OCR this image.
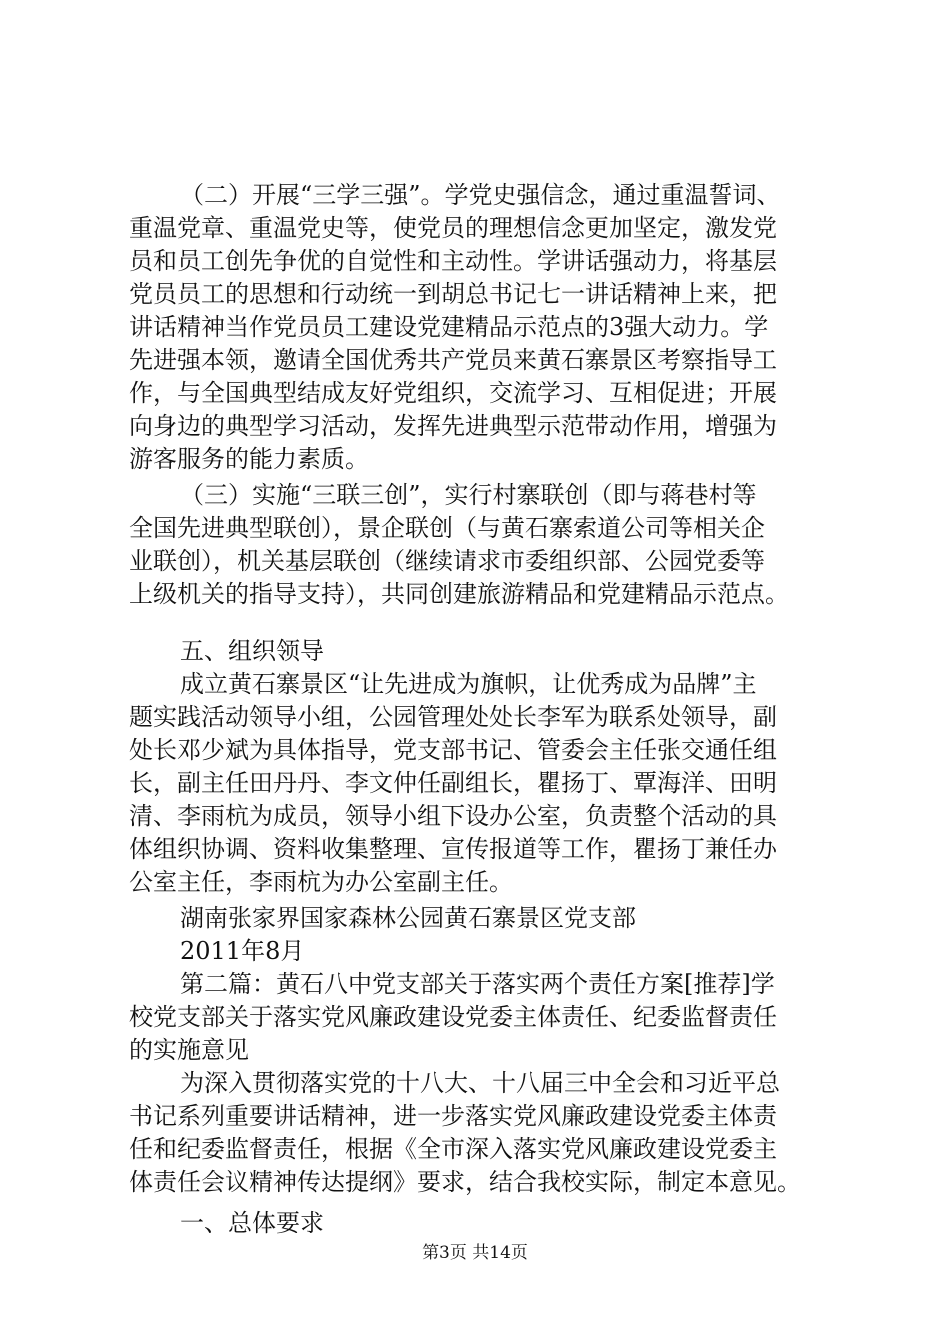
（二）开展“三学三强”。学党史强信念，通过重温誓词、
重温党章、重温党史等，使党员的理想信念更加坚定，激发党
员和员工创先争优的自觉性和主动性。学讲话强动力，将基层
党员员工的思想和行动统一到胡总书记七一讲话精神上来，把
讲话精神当作党员员工建设党建精品示范点的3强大动力。学
先进强本领，邀请全国优秀共产党员来黄石寨景区考察指导工
作，与全国典型结成友好党组织，交流学习、互相促进；开展
向身边的典型学习活动，发挥先进典型示范带动作用，增强为
游客服务的能力素质。
（三）实施“三联三创”，实行村寨联创（即与蒋巷村等
全国先进典型联创），景企联创（与黄石寨索道公司等相关企
业联创），机关基层联创（继续请求市委组织部、公园党委等
上级机关的指导支持），共同创建旅游精品和党建精品示范点。
五、组织领导
成立黄石寨景区“让先进成为旗帜，让优秀成为品牌”主
题实践活动领导小组，公园管理处处长李军为联系处领导，副
处长邓少斌为具体指导，党支部书记、管委会主任张交通任组
长，副主任田丹丹、李文仲任副组长，瞿扬丁、覃海洋、田明
清、李雨杭为成员，领导小组下设办公室，负责整个活动的具
体组织协调、资料收集整理、宣传报道等工作，瞿扬丁兼任办
公室主任，李雨杭为办公室副主任。
湖南张家界国家森林公园黄石寨景区党支部
2011年8月
第二篇：黄石八中党支部关于落实两个责任方案[推荐]学
校党支部关于落实党风廉政建设党委主体责任、纪委监督责任
的实施意见
为深入贯彻落实党的十八大、十八届三中全会和习近平总
书记系列重要讲话精神，进一步落实党风廉政建设党委主体责
任和纪委监督责任，根据《全市深入落实党风廉政建设党委主
体责任会议精神传达提纲》要求，结合我校实际，制定本意见。
一、总体要求
第3页 共14页
